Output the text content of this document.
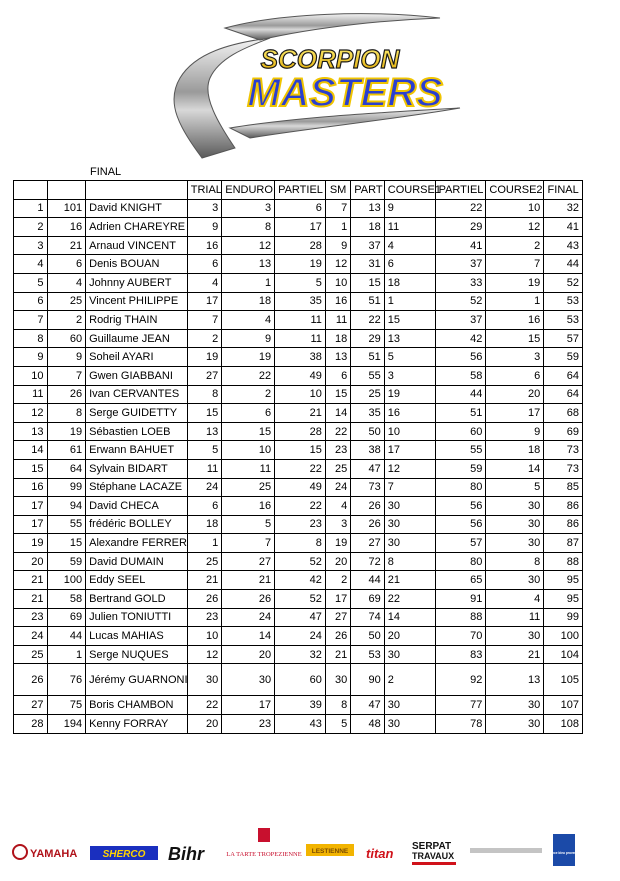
SCORPION
MASTERS
FINAL
			TRIAL	ENDURO	PARTIEL	SM	PART	COURSE1	PARTIEL	COURSE2	FINAL
1	101	David KNIGHT	3	3	6	7	13	9	22	10	32
2	16	Adrien CHAREYRE	9	8	17	1	18	11	29	12	41
3	21	Arnaud VINCENT	16	12	28	9	37	4	41	2	43
4	6	Denis BOUAN	6	13	19	12	31	6	37	7	44
5	4	Johnny AUBERT	4	1	5	10	15	18	33	19	52
6	25	Vincent PHILIPPE	17	18	35	16	51	1	52	1	53
7	2	Rodrig THAIN	7	4	11	11	22	15	37	16	53
8	60	Guillaume JEAN	2	9	11	18	29	13	42	15	57
9	9	Soheil AYARI	19	19	38	13	51	5	56	3	59
10	7	Gwen GIABBANI	27	22	49	6	55	3	58	6	64
11	26	Ivan CERVANTES	8	2	10	15	25	19	44	20	64
12	8	Serge GUIDETTY	15	6	21	14	35	16	51	17	68
13	19	Sébastien LOEB	13	15	28	22	50	10	60	9	69
14	61	Erwann BAHUET	5	10	15	23	38	17	55	18	73
15	64	Sylvain BIDART	11	11	22	25	47	12	59	14	73
16	99	Stéphane LACAZE	24	25	49	24	73	7	80	5	85
17	94	David CHECA	6	16	22	4	26	30	56	30	86
17	55	frédéric BOLLEY	18	5	23	3	26	30	56	30	86
19	15	Alexandre FERRER	1	7	8	19	27	30	57	30	87
20	59	David DUMAIN	25	27	52	20	72	8	80	8	88
21	100	Eddy SEEL	21	21	42	2	44	21	65	30	95
21	58	Bertrand GOLD	26	26	52	17	69	22	91	4	95
23	69	Julien TONIUTTI	23	24	47	27	74	14	88	11	99
24	44	Lucas MAHIAS	10	14	24	26	50	20	70	30	100
25	1	Serge NUQUES	12	20	32	21	53	30	83	21	104
26	76	Jérémy GUARNONI	30	30	60	30	90	2	92	13	105
27	75	Boris CHAMBON	22	17	39	8	47	30	77	30	107
28	194	Kenny FORRAY	20	23	43	5	48	30	78	30	108
YAMAHA	SHERCO Bihr	LA TARTE TROPEZIENNE LESTIENNE titan SERPAT
TRAVAUX	france bleu provence
